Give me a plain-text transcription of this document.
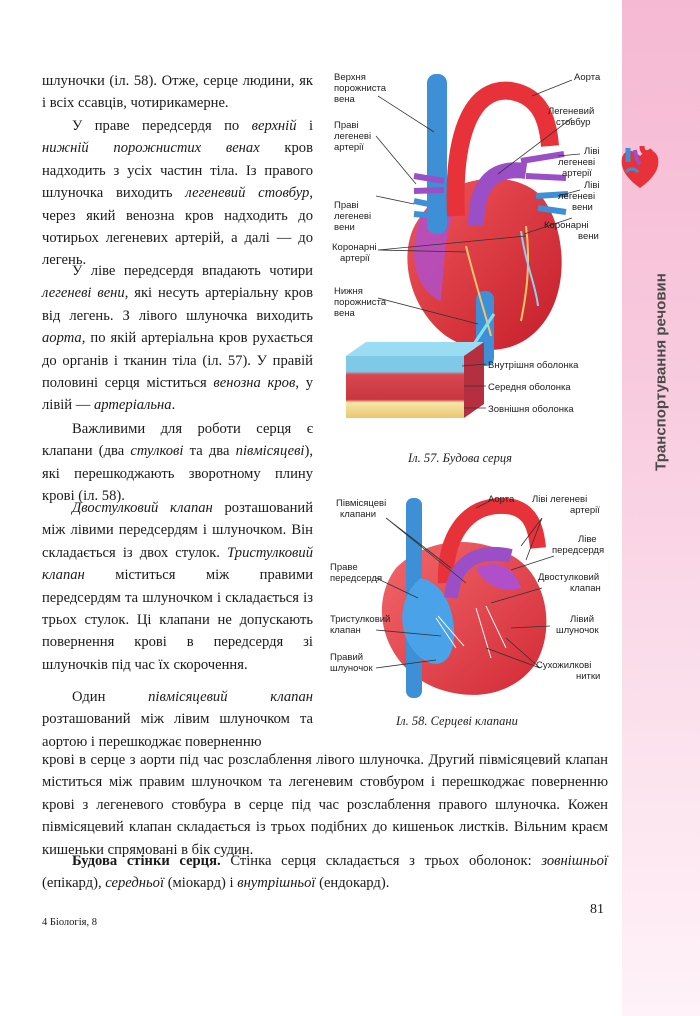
Транспортування речовин
шлуночки (іл. 58). Отже, серце людини, як і всіх ссавців, чотирикамерне.
У праве передсердя по верхній і нижній порожнистих венах кров надходить з усіх частин тіла. Із правого шлуночка виходить легеневий стовбур, через який венозна кров надходить до чотирьох легеневих артерій, а далі — до легень.
У ліве передсердя впадають чотири легеневі вени, які несуть артеріальну кров від легень. З лівого шлуночка виходить аорта, по якій артеріальна кров рухається до органів і тканин тіла (іл. 57). У правій половині серця міститься венозна кров, у лівій — артеріальна.
Важливими для роботи серця є клапани (два стулкові та два півмісяцеві), які перешкоджають зворотному плину крові (іл. 58).
Двостулковий клапан розташований між лівими передсердям і шлуночком. Він складається із двох стулок. Тристулковий клапан міститься між правими передсердям та шлуночком і складається із трьох стулок. Ці клапани не допускають повернення крові в передсердя зі шлуночків під час їх скорочення.
Один півмісяцевий клапан розташований між лівим шлуночком та аортою і перешкоджає поверненню
крові в серце з аорти під час розслаблення лівого шлуночка. Другий півмісяцевий клапан міститься між правим шлуночком та легеневим стовбуром і перешкоджає поверненню крові з легеневого стовбура в серце під час розслаблення правого шлуночка. Кожен півмісяцевий клапан складається із трьох подібних до кишеньок листків. Вільним краєм кишеньки спрямовані в бік судин.
Будова стінки серця. Стінка серця складається з трьох оболонок: зовнішньої (епікард), середньої (міокард) і внутрішньої (ендокард).
Верхня порожниста вена
Аорта
Легеневий стовбур
Праві легеневі артерії	Ліві легеневі артерії
Праві легеневі вени
Ліві легеневі вени
Коронарні вени
Коронарні артерії
Нижня порожниста вена
Внутрішня оболонка
Середня оболонка
Зовнішня оболонка
Іл. 57. Будова серця
Півмісяцеві клапани
Аорта Ліві легеневі артерії
Ліве передсердя
Праве передсердя	Двостулковий клапан
Тристулковий клапан
Лівий шлуночок
Правий шлуночок	Сухожилкові нитки
Іл. 58. Серцеві клапани
81
4 Біологія, 8
